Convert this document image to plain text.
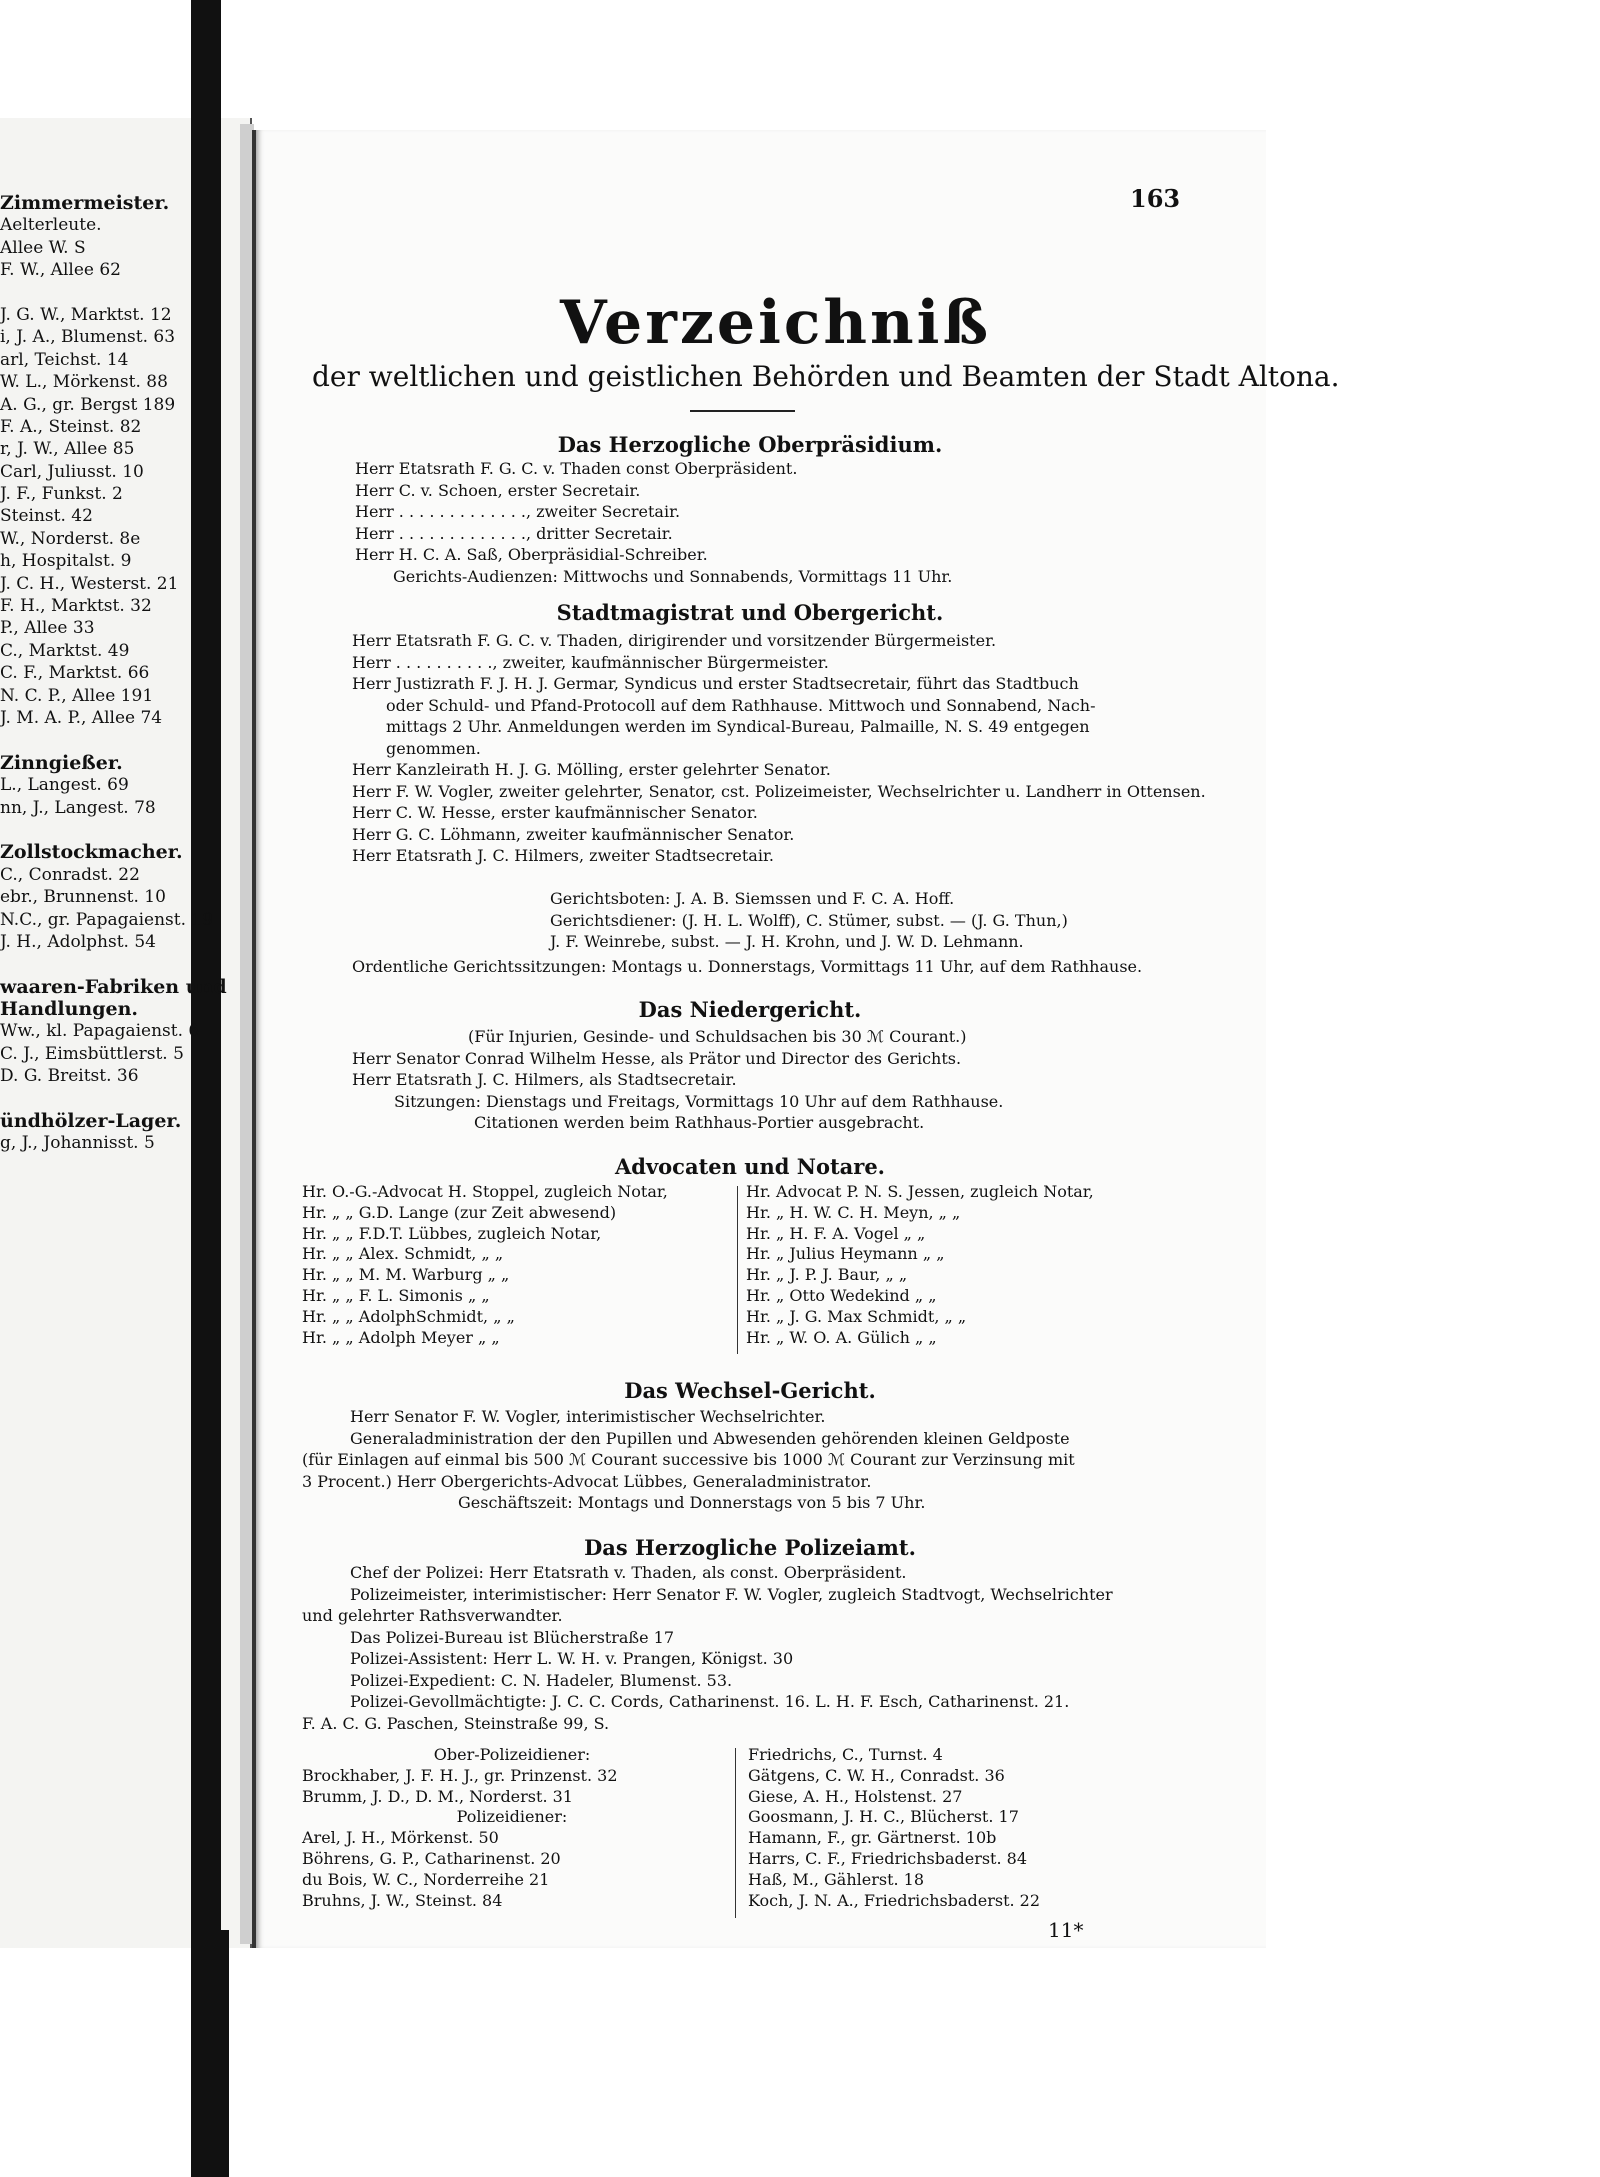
Zimmermeister.
Aelterleute.
Allee W. S
F. W., Allee 62
J. G. W., Marktst. 12
i, J. A., Blumenst. 63
arl, Teichst. 14
W. L., Mörkenst. 88
A. G., gr. Bergst 189
F. A., Steinst. 82
r, J. W., Allee 85
Carl, Juliusst. 10
J. F., Funkst. 2
Steinst. 42
W., Norderst. 8e
h, Hospitalst. 9
J. C. H., Westerst. 21
F. H., Marktst. 32
P., Allee 33
C., Marktst. 49
C. F., Marktst. 66
N. C. P., Allee 191
J. M. A. P., Allee 74
Zinngießer.
L., Langest. 69
nn, J., Langest. 78
Zollstockmacher.
C., Conradst. 22
ebr., Brunnenst. 10
N.C., gr. Papagaienst. 19
J. H., Adolphst. 54
waaren-Fabriken und
Handlungen.
Ww., kl. Papagaienst. 6
C. J., Eimsbüttlerst. 5
D. G. Breitst. 36
ündhölzer-Lager.
g, J., Johannisst. 5
163
Verzeichniß
der weltlichen und geistlichen Behörden und Beamten der Stadt Altona.
Das Herzogliche Oberpräsidium.
Herr Etatsrath F. G. C. v. Thaden const Oberpräsident.
Herr C. v. Schoen, erster Secretair.
Herr . . . . . . . . . . . . ., zweiter Secretair.
Herr . . . . . . . . . . . . ., dritter Secretair.
Herr H. C. A. Saß, Oberpräsidial-Schreiber.
Gerichts-Audienzen: Mittwochs und Sonnabends, Vormittags 11 Uhr.
Stadtmagistrat und Obergericht.
Herr Etatsrath F. G. C. v. Thaden, dirigirender und vorsitzender Bürgermeister.
Herr . . . . . . . . . ., zweiter, kaufmännischer Bürgermeister.
Herr Justizrath F. J. H. J. Germar, Syndicus und erster Stadtsecretair, führt das Stadtbuch
oder Schuld- und Pfand-Protocoll auf dem Rathhause. Mittwoch und Sonnabend, Nach-
mittags 2 Uhr. Anmeldungen werden im Syndical-Bureau, Palmaille, N. S. 49 entgegen
genommen.
Herr Kanzleirath H. J. G. Mölling, erster gelehrter Senator.
Herr F. W. Vogler, zweiter gelehrter, Senator, cst. Polizeimeister, Wechselrichter u. Landherr in Ottensen.
Herr C. W. Hesse, erster kaufmännischer Senator.
Herr G. C. Löhmann, zweiter kaufmännischer Senator.
Herr Etatsrath J. C. Hilmers, zweiter Stadtsecretair.
Gerichtsboten: J. A. B. Siemssen und F. C. A. Hoff.
Gerichtsdiener: (J. H. L. Wolff), C. Stümer, subst. — (J. G. Thun,)
J. F. Weinrebe, subst. — J. H. Krohn, und J. W. D. Lehmann.
Ordentliche Gerichtssitzungen: Montags u. Donnerstags, Vormittags 11 Uhr, auf dem Rathhause.
Das Niedergericht.
(Für Injurien, Gesinde- und Schuldsachen bis 30 ℳ Courant.)
Herr Senator Conrad Wilhelm Hesse, als Prätor und Director des Gerichts.
Herr Etatsrath J. C. Hilmers, als Stadtsecretair.
Sitzungen: Dienstags und Freitags, Vormittags 10 Uhr auf dem Rathhause.
Citationen werden beim Rathhaus-Portier ausgebracht.
Advocaten und Notare.
Hr. O.-G.-Advocat H. Stoppel, zugleich Notar,
Hr. „ „ G.D. Lange (zur Zeit abwesend)
Hr. „ „ F.D.T. Lübbes, zugleich Notar,
Hr. „ „ Alex. Schmidt, „ „
Hr. „ „ M. M. Warburg „ „
Hr. „ „ F. L. Simonis „ „
Hr. „ „ AdolphSchmidt, „ „
Hr. „ „ Adolph Meyer „ „
Hr. Advocat P. N. S. Jessen, zugleich Notar,
Hr. „ H. W. C. H. Meyn, „ „
Hr. „ H. F. A. Vogel „ „
Hr. „ Julius Heymann „ „
Hr. „ J. P. J. Baur, „ „
Hr. „ Otto Wedekind „ „
Hr. „ J. G. Max Schmidt, „ „
Hr. „ W. O. A. Gülich „ „
Das Wechsel-Gericht.
Herr Senator F. W. Vogler, interimistischer Wechselrichter.
Generaladministration der den Pupillen und Abwesenden gehörenden kleinen Geldposte
(für Einlagen auf einmal bis 500 ℳ Courant successive bis 1000 ℳ Courant zur Verzinsung mit
3 Procent.) Herr Obergerichts-Advocat Lübbes, Generaladministrator.
Geschäftszeit: Montags und Donnerstags von 5 bis 7 Uhr.
Das Herzogliche Polizeiamt.
Chef der Polizei: Herr Etatsrath v. Thaden, als const. Oberpräsident.
Polizeimeister, interimistischer: Herr Senator F. W. Vogler, zugleich Stadtvogt, Wechselrichter
und gelehrter Rathsverwandter.
Das Polizei-Bureau ist Blücherstraße 17
Polizei-Assistent: Herr L. W. H. v. Prangen, Königst. 30
Polizei-Expedient: C. N. Hadeler, Blumenst. 53.
Polizei-Gevollmächtigte: J. C. C. Cords, Catharinenst. 16. L. H. F. Esch, Catharinenst. 21.
F. A. C. G. Paschen, Steinstraße 99, S.
Ober-Polizeidiener:
Brockhaber, J. F. H. J., gr. Prinzenst. 32
Brumm, J. D., D. M., Norderst. 31
Polizeidiener:
Arel, J. H., Mörkenst. 50
Böhrens, G. P., Catharinenst. 20
du Bois, W. C., Norderreihe 21
Bruhns, J. W., Steinst. 84
Friedrichs, C., Turnst. 4
Gätgens, C. W. H., Conradst. 36
Giese, A. H., Holstenst. 27
Goosmann, J. H. C., Blücherst. 17
Hamann, F., gr. Gärtnerst. 10b
Harrs, C. F., Friedrichsbaderst. 84
Haß, M., Gählerst. 18
Koch, J. N. A., Friedrichsbaderst. 22
11*
